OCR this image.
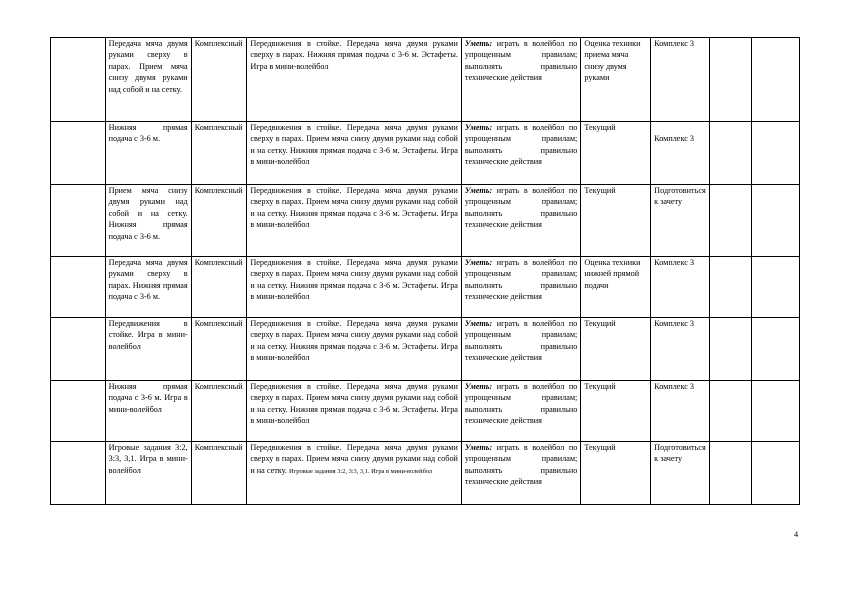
	Передача мяча двумя руками сверху в парах. Прием мяча снизу двумя руками над собой и на сетку.	Комплексный	Передвижения в стойке. Передача мяча двумя руками сверху в парах. Нижняя прямая подача с 3-6 м. Эстафеты. Игра в мини-волейбол	Уметь: играть в волейбол по упрощенным правилам; выполнять правильно технические действия	Оценка техники приема мяча снизу двумя руками	Комплекс 3		
	Нижняя прямая подача с 3-6 м.	Комплексный	Передвижения в стойке. Передача мяча двумя руками сверху в парах. Прием мяча снизу двумя руками над собой и на сетку. Нижняя прямая подача с 3-6 м. Эстафеты. Игра в мини-волейбол	Уметь: играть в волейбол по упрощенным правилам; выполнять правильно технические действия	Текущий	Комплекс 3		
	Прием мяча снизу двумя руками над собой и на сетку. Нижняя прямая подача с 3-6 м.	Комплексный	Передвижения в стойке. Передача мяча двумя руками сверху в парах. Прием мяча снизу двумя руками над собой и на сетку. Нижняя прямая подача с 3-6 м. Эстафеты. Игра в мини-волейбол	Уметь: играть в волейбол по упрощенным правилам; выполнять правильно технические действия	Текущий	Подготовиться к зачету		
	Передача мяча двумя руками сверху в парах. Нижняя прямая подача с 3-6 м.	Комплексный	Передвижения в стойке. Передача мяча двумя руками сверху в парах. Прием мяча снизу двумя руками над собой и на сетку. Нижняя прямая подача с 3-6 м. Эстафеты. Игра в мини-волейбол	Уметь: играть в волейбол по упрощенным правилам; выполнять правильно технические действия	Оценка техники нижней прямой подачи	Комплекс 3		
	Передвижения в стойке. Игра в мини-волейбол	Комплексный	Передвижения в стойке. Передача мяча двумя руками сверху в парах. Прием мяча снизу двумя руками над собой и на сетку. Нижняя прямая подача с 3-6 м. Эстафеты. Игра в мини-волейбол	Уметь: играть в волейбол по упрощенным правилам; выполнять правильно технические действия	Текущий	Комплекс 3		
	Нижняя прямая подача с 3-6 м. Игра в мини-волейбол	Комплексный	Передвижения в стойке. Передача мяча двумя руками сверху в парах. Прием мяча снизу двумя руками над собой и на сетку. Нижняя прямая подача с 3-6 м. Эстафеты. Игра в мини-волейбол	Уметь: играть в волейбол по упрощенным правилам; выполнять правильно технические действия	Текущий	Комплекс 3		
	Игровые задания 3:2, 3:3, 3,1. Игра в мини-волейбол	Комплексный	Передвижения в стойке. Передача мяча двумя руками сверху в парах. Прием мяча снизу двумя руками над собой и на сетку. Игровые задания 3:2, 3:3, 3,1. Игра в мини-волейбол	Уметь: играть в волейбол по упрощенным правилам; выполнять правильно технические действия	Текущий	Подготовиться к зачету		
4
